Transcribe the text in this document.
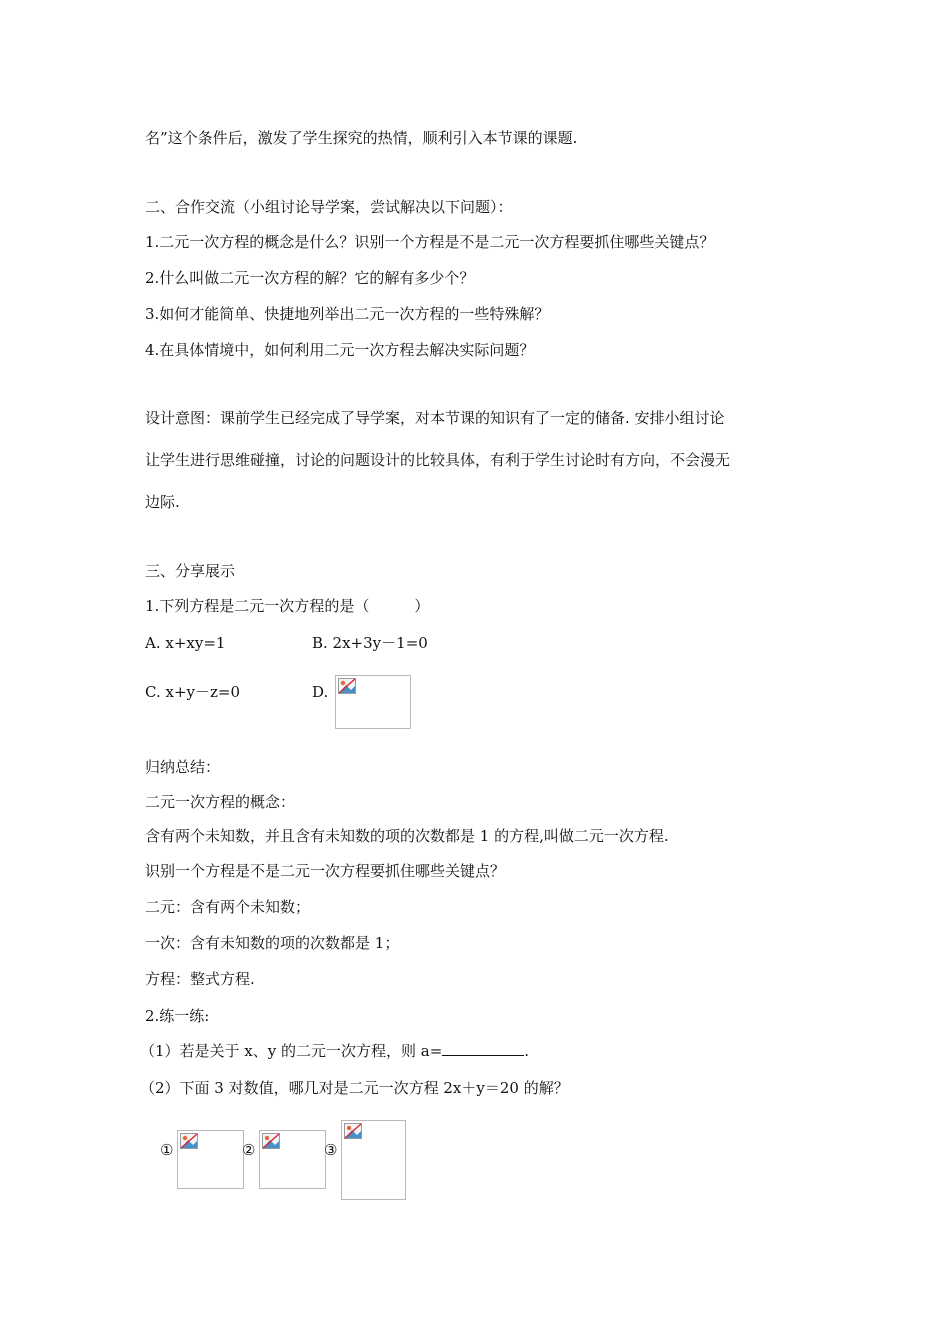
名”这个条件后，激发了学生探究的热情，顺利引入本节课的课题.
二、合作交流（小组讨论导学案，尝试解决以下问题）：
1.二元一次方程的概念是什么？识别一个方程是不是二元一次方程要抓住哪些关键点？
2.什么叫做二元一次方程的解？它的解有多少个？
3.如何才能简单、快捷地列举出二元一次方程的一些特殊解？
4.在具体情境中，如何利用二元一次方程去解决实际问题？
设计意图：课前学生已经完成了导学案，对本节课的知识有了一定的储备. 安排小组讨论
让学生进行思维碰撞，讨论的问题设计的比较具体，有利于学生讨论时有方向，不会漫无
边际.
三、分享展示
1.下列方程是二元一次方程的是（　　　）
A. x+xy=1	B. 2x+3y－1=0
C. x+y－z=0	D.
归纳总结：
二元一次方程的概念：
含有两个未知数，并且含有未知数的项的次数都是 1 的方程,叫做二元一次方程.
识别一个方程是不是二元一次方程要抓住哪些关键点？
二元：含有两个未知数；
一次：含有未知数的项的次数都是 1；
方程：整式方程.
2.练一练:
（1）若是关于 x、y 的二元一次方程，则 a=	.
（2）下面 3 对数值，哪几对是二元一次方程 2x＋y＝20 的解？
①	②	③
